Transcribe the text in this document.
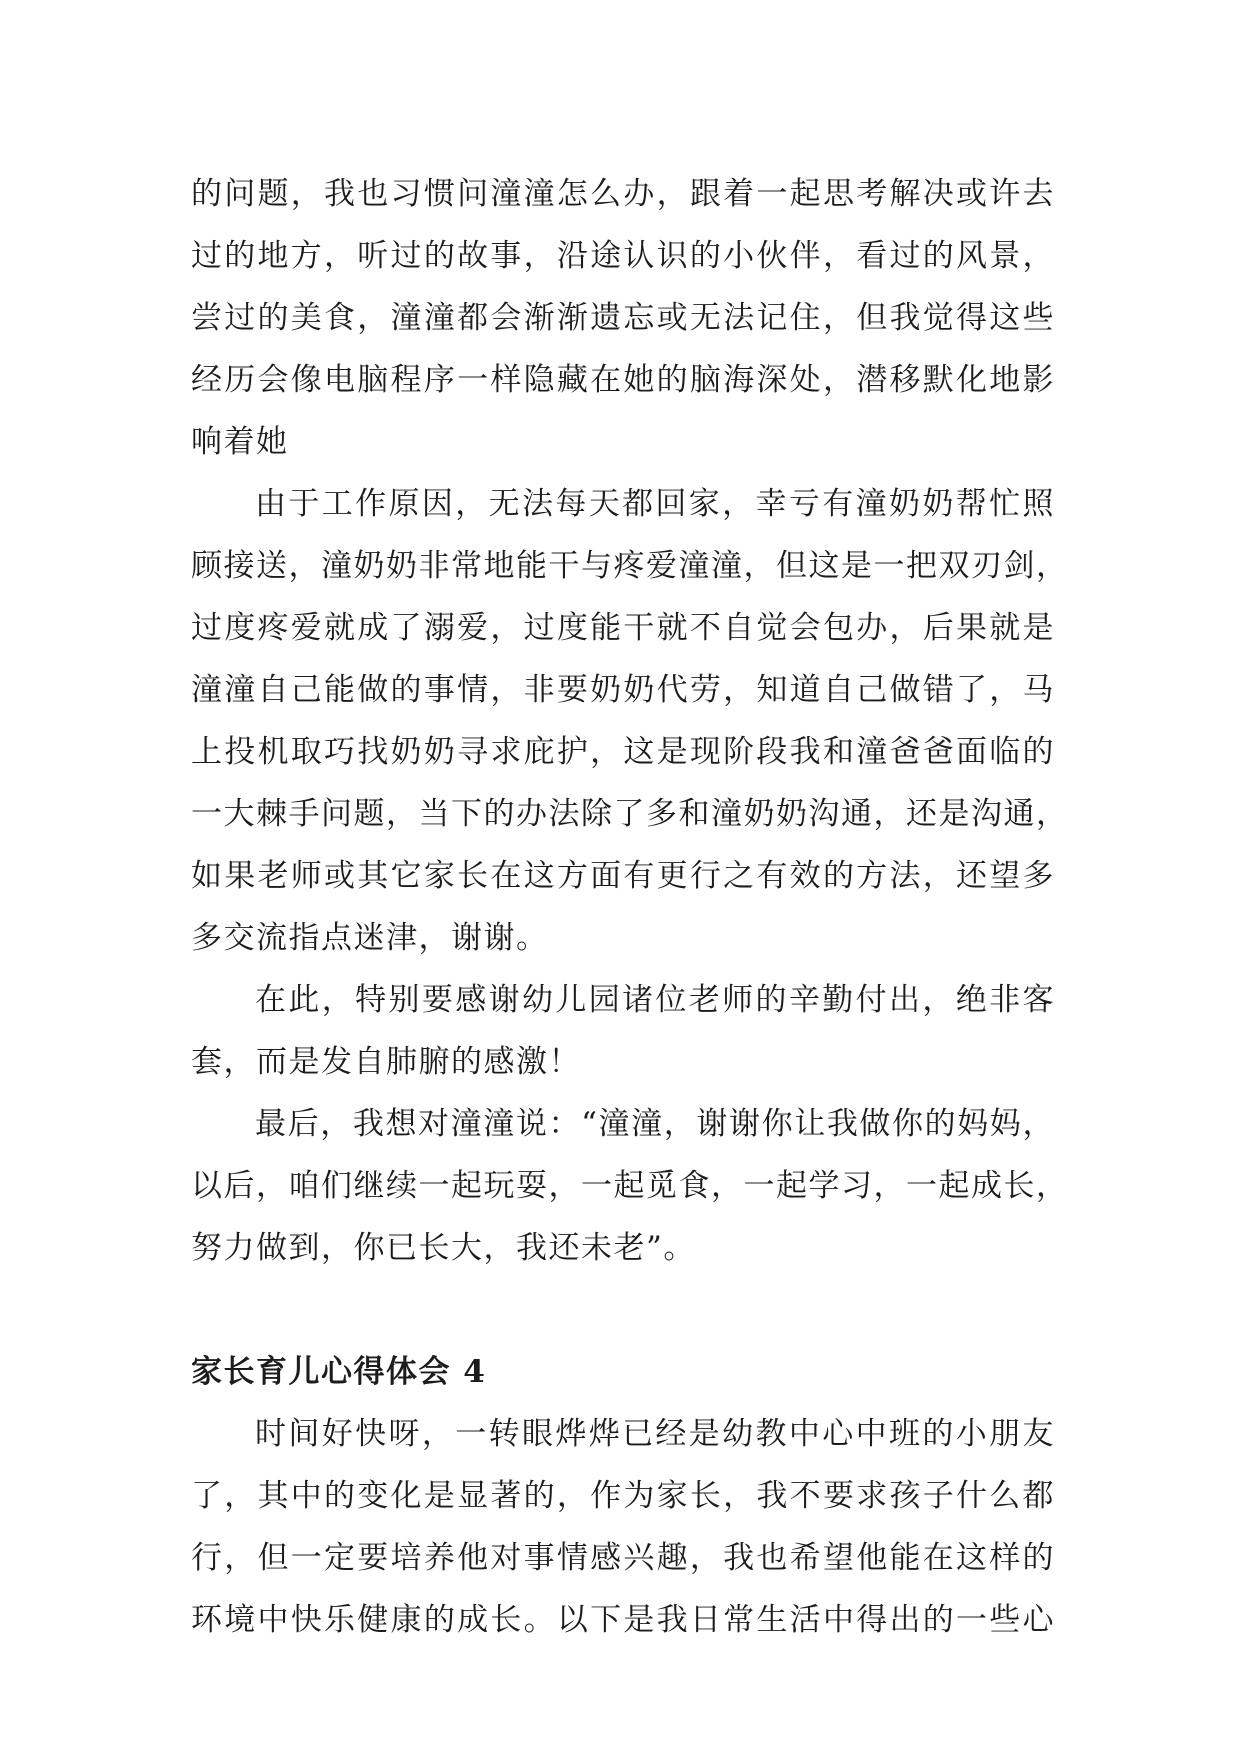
的问题，我也习惯问潼潼怎么办，跟着一起思考解决或许去
过的地方，听过的故事，沿途认识的小伙伴，看过的风景，
尝过的美食，潼潼都会渐渐遗忘或无法记住，但我觉得这些
经历会像电脑程序一样隐藏在她的脑海深处，潜移默化地影
响着她
由于工作原因，无法每天都回家，幸亏有潼奶奶帮忙照
顾接送，潼奶奶非常地能干与疼爱潼潼，但这是一把双刃剑，
过度疼爱就成了溺爱，过度能干就不自觉会包办，后果就是
潼潼自己能做的事情，非要奶奶代劳，知道自己做错了，马
上投机取巧找奶奶寻求庇护，这是现阶段我和潼爸爸面临的
一大棘手问题，当下的办法除了多和潼奶奶沟通，还是沟通，
如果老师或其它家长在这方面有更行之有效的方法，还望多
多交流指点迷津，谢谢。
在此，特别要感谢幼儿园诸位老师的辛勤付出，绝非客
套，而是发自肺腑的感激！
最后，我想对潼潼说：“潼潼，谢谢你让我做你的妈妈，
以后，咱们继续一起玩耍，一起觅食，一起学习，一起成长，
努力做到，你已长大，我还未老”。
家长育儿心得体会 4
时间好快呀，一转眼烨烨已经是幼教中心中班的小朋友
了，其中的变化是显著的，作为家长，我不要求孩子什么都
行，但一定要培养他对事情感兴趣，我也希望他能在这样的
环境中快乐健康的成长。以下是我日常生活中得出的一些心
